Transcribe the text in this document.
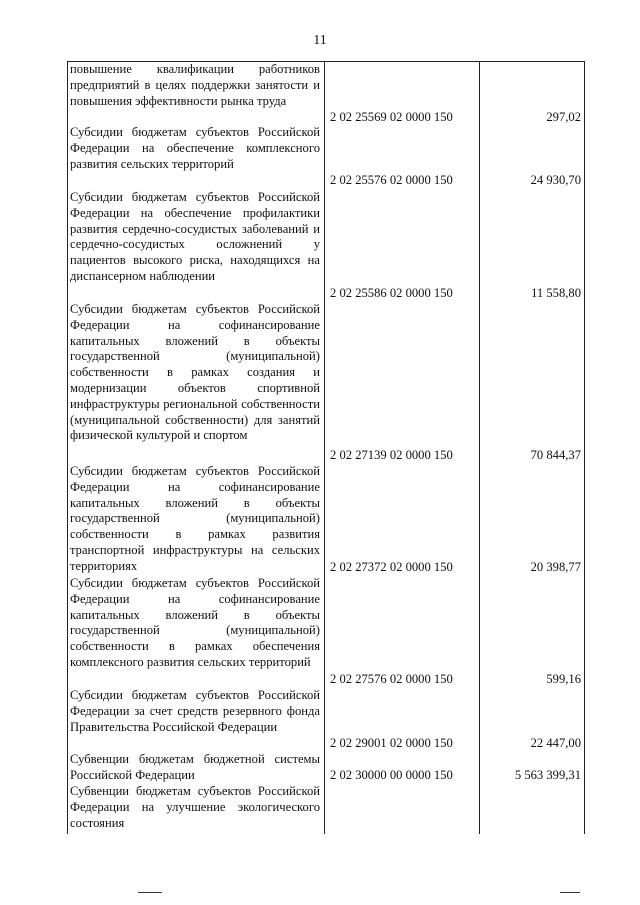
11
повышение квалификации работников предприятий в целях поддержки занятости и повышения эффективности рынка труда
2 02 25569 02 0000 150	297,02
Субсидии бюджетам субъектов Российской Федерации на обеспечение комплексного развития сельских территорий
2 02 25576 02 0000 150	24 930,70
Субсидии бюджетам субъектов Российской Федерации на обеспечение профилактики развития сердечно-сосудистых заболеваний и сердечно-сосудистых осложнений у пациентов высокого риска, находящихся на диспансерном наблюдении
2 02 25586 02 0000 150	11 558,80
Субсидии бюджетам субъектов Российской Федерации на софинансирование капитальных вложений в объекты государственной (муниципальной) собственности в рамках создания и модернизации объектов спортивной инфраструктуры региональной собственности (муниципальной собственности) для занятий физической культурой и спортом
2 02 27139 02 0000 150	70 844,37
Субсидии бюджетам субъектов Российской Федерации на софинансирование капитальных вложений в объекты государственной (муниципальной) собственности в рамках развития транспортной инфраструктуры на сельских территориях	2 02 27372 02 0000 150	20 398,77
Субсидии бюджетам субъектов Российской Федерации на софинансирование капитальных вложений в объекты государственной (муниципальной) собственности в рамках обеспечения комплексного развития сельских территорий
2 02 27576 02 0000 150	599,16
Субсидии бюджетам субъектов Российской Федерации за счет средств резервного фонда Правительства Российской Федерации
2 02 29001 02 0000 150	22 447,00
Субвенции бюджетам бюджетной системы Российской Федерации	2 02 30000 00 0000 150	5 563 399,31
Субвенции бюджетам субъектов Российской Федерации на улучшение экологического состояния
